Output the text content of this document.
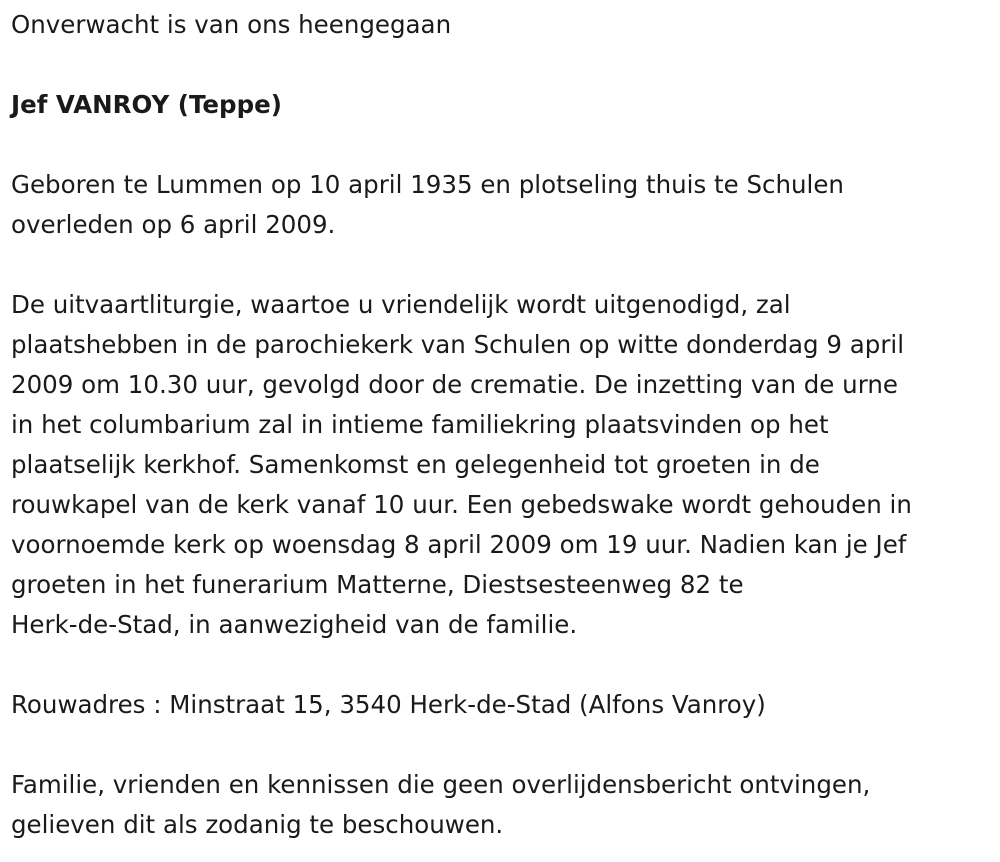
Onverwacht is van ons heengegaan

Jef VANROY (Teppe)

Geboren te Lummen op 10 april 1935 en plotseling thuis te Schulen
overleden op 6 april 2009.

De uitvaartliturgie, waartoe u vriendelijk wordt uitgenodigd, zal
plaatshebben in de parochiekerk van Schulen op witte donderdag 9 april
2009 om 10.30 uur, gevolgd door de crematie. De inzetting van de urne
in het columbarium zal in intieme familiekring plaatsvinden op het
plaatselijk kerkhof. Samenkomst en gelegenheid tot groeten in de
rouwkapel van de kerk vanaf 10 uur. Een gebedswake wordt gehouden in
voornoemde kerk op woensdag 8 april 2009 om 19 uur. Nadien kan je Jef
groeten in het funerarium Matterne, Diestsesteenweg 82 te
Herk-de-Stad, in aanwezigheid van de familie.

Rouwadres : Minstraat 15, 3540 Herk-de-Stad (Alfons Vanroy)

Familie, vrienden en kennissen die geen overlijdensbericht ontvingen,
gelieven dit als zodanig te beschouwen.
